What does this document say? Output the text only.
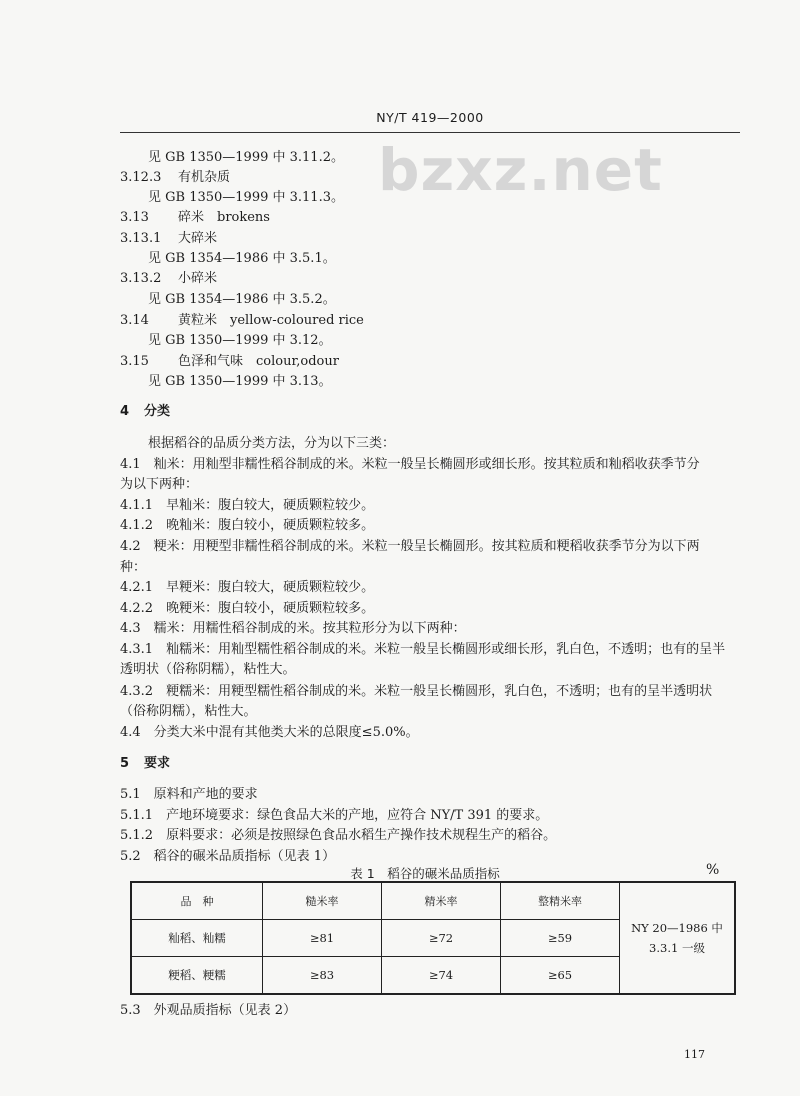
NY/T 419—2000
bzxz.net
见 GB 1350—1999 中 3.11.2。
3.12.3 有机杂质
见 GB 1350—1999 中 3.11.3。
3.13 碎米　brokens
3.13.1 大碎米
见 GB 1354—1986 中 3.5.1。
3.13.2 小碎米
见 GB 1354—1986 中 3.5.2。
3.14 黄粒米　yellow-coloured rice
见 GB 1350—1999 中 3.12。
3.15 色泽和气味　colour,odour
见 GB 1350—1999 中 3.13。
4 分类
根据稻谷的品质分类方法，分为以下三类：
4.1　籼米：用籼型非糯性稻谷制成的米。米粒一般呈长椭圆形或细长形。按其粒质和籼稻收获季节分
为以下两种：
4.1.1　早籼米：腹白较大，硬质颗粒较少。
4.1.2　晚籼米：腹白较小，硬质颗粒较多。
4.2　粳米：用粳型非糯性稻谷制成的米。米粒一般呈长椭圆形。按其粒质和粳稻收获季节分为以下两
种：
4.2.1　早粳米：腹白较大，硬质颗粒较少。
4.2.2　晚粳米：腹白较小，硬质颗粒较多。
4.3　糯米：用糯性稻谷制成的米。按其粒形分为以下两种：
4.3.1　籼糯米：用籼型糯性稻谷制成的米。米粒一般呈长椭圆形或细长形，乳白色，不透明；也有的呈半
透明状（俗称阴糯），粘性大。
4.3.2　粳糯米：用粳型糯性稻谷制成的米。米粒一般呈长椭圆形，乳白色，不透明；也有的呈半透明状
（俗称阴糯），粘性大。
4.4　分类大米中混有其他类大米的总限度≤5.0%。
5 要求
5.1　原料和产地的要求
5.1.1　产地环境要求：绿色食品大米的产地，应符合 NY/T 391 的要求。
5.1.2　原料要求：必须是按照绿色食品水稻生产操作技术规程生产的稻谷。
5.2　稻谷的碾米品质指标（见表 1）
表 1　稻谷的碾米品质指标	%
品　种	糙米率	精米率	整精米率	NY 20—1986 中
3.3.1 一级

籼稻、籼糯	≥81	≥72	≥59	
粳稻、粳糯	≥83	≥74	≥65	
5.3　外观品质指标（见表 2）
117
